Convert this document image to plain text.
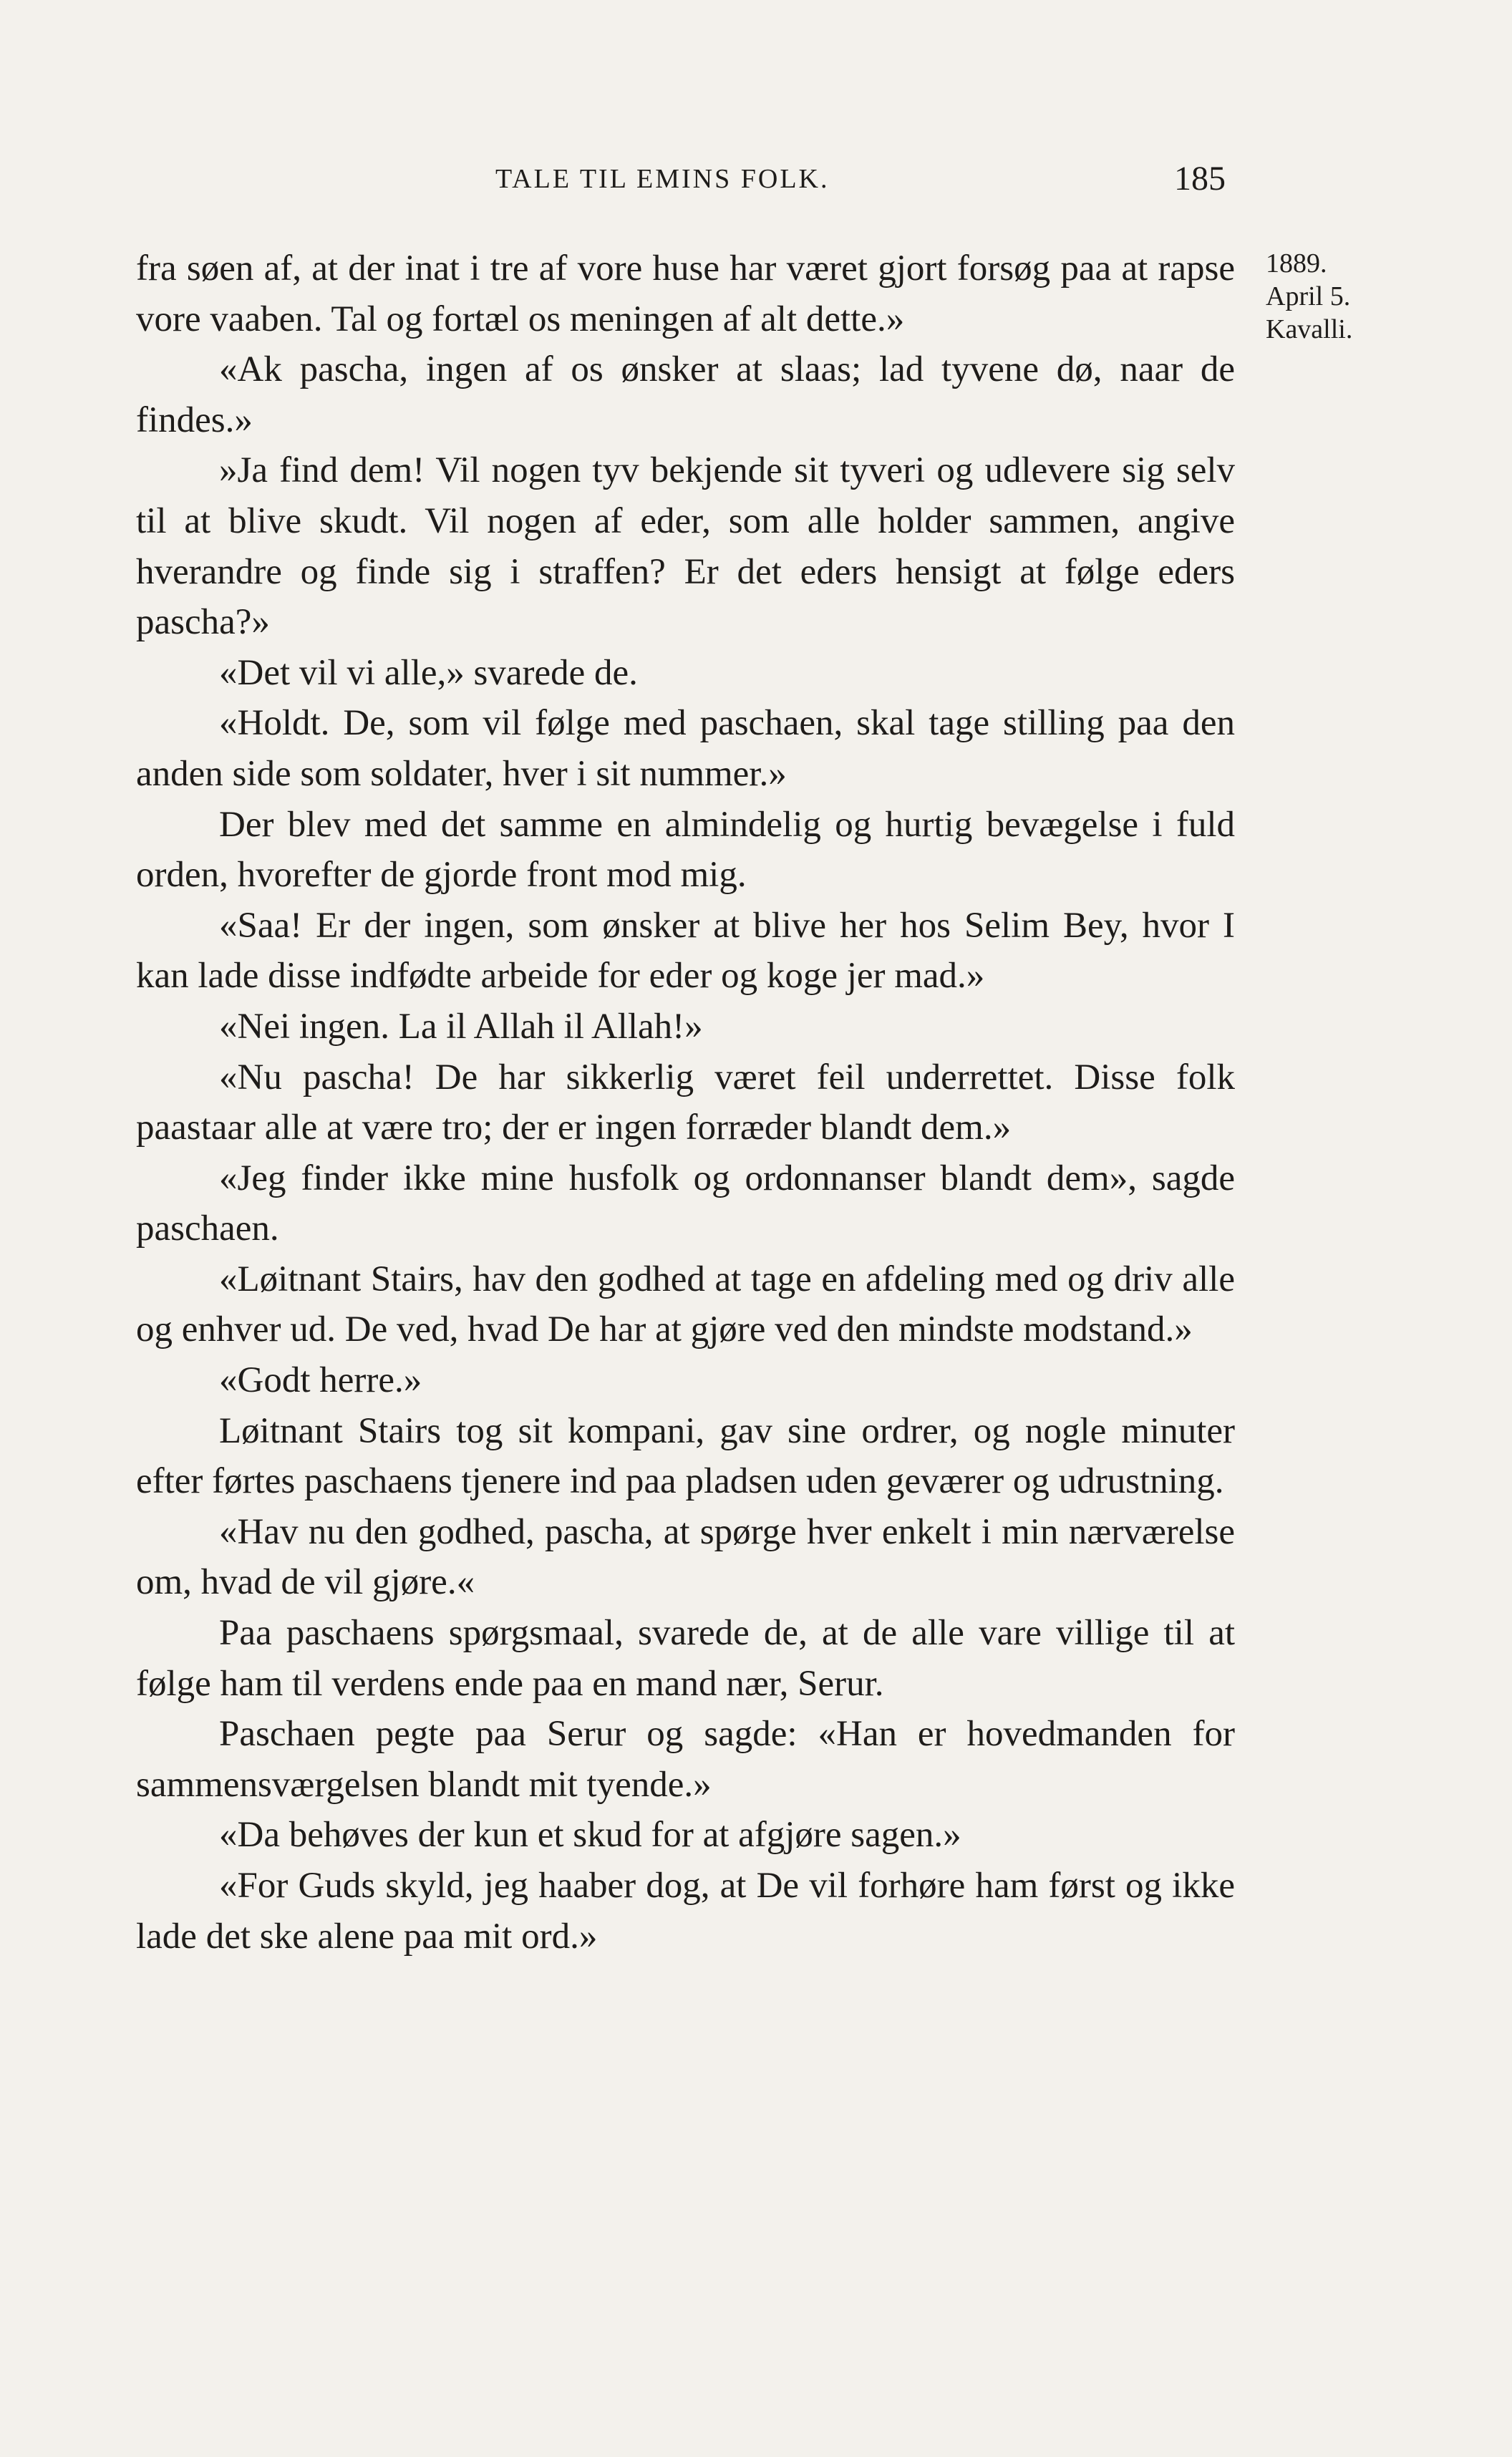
TALE TIL EMINS FOLK.	185
1889.
April 5.
Kavalli.

fra søen af, at der inat i tre af vore huse har været gjort forsøg paa at rapse vore vaaben. Tal og fortæl os meningen af alt dette.»

«Ak pascha, ingen af os ønsker at slaas; lad tyvene dø, naar de findes.»

»Ja find dem! Vil nogen tyv bekjende sit tyveri og udlevere sig selv til at blive skudt. Vil nogen af eder, som alle holder sammen, angive hverandre og finde sig i straffen? Er det eders hensigt at følge eders pascha?»

«Det vil vi alle,» svarede de.

«Holdt. De, som vil følge med paschaen, skal tage stilling paa den anden side som soldater, hver i sit nummer.»

Der blev med det samme en almindelig og hurtig bevægelse i fuld orden, hvorefter de gjorde front mod mig.

«Saa! Er der ingen, som ønsker at blive her hos Selim Bey, hvor I kan lade disse indfødte arbeide for eder og koge jer mad.»

«Nei ingen. La il Allah il Allah!»

«Nu pascha! De har sikkerlig været feil underrettet. Disse folk paastaar alle at være tro; der er ingen forræder blandt dem.»

«Jeg finder ikke mine husfolk og ordonnanser blandt dem», sagde paschaen.

«Løitnant Stairs, hav den godhed at tage en afdeling med og driv alle og enhver ud. De ved, hvad De har at gjøre ved den mindste modstand.»

«Godt herre.»

Løitnant Stairs tog sit kompani, gav sine ordrer, og nogle minuter efter førtes paschaens tjenere ind paa pladsen uden geværer og udrustning.

«Hav nu den godhed, pascha, at spørge hver enkelt i min nærværelse om, hvad de vil gjøre.«

Paa paschaens spørgsmaal, svarede de, at de alle vare villige til at følge ham til verdens ende paa en mand nær, Serur.

Paschaen pegte paa Serur og sagde: «Han er hovedmanden for sammensværgelsen blandt mit tyende.»

«Da behøves der kun et skud for at afgjøre sagen.»

«For Guds skyld, jeg haaber dog, at De vil forhøre ham først og ikke lade det ske alene paa mit ord.»
